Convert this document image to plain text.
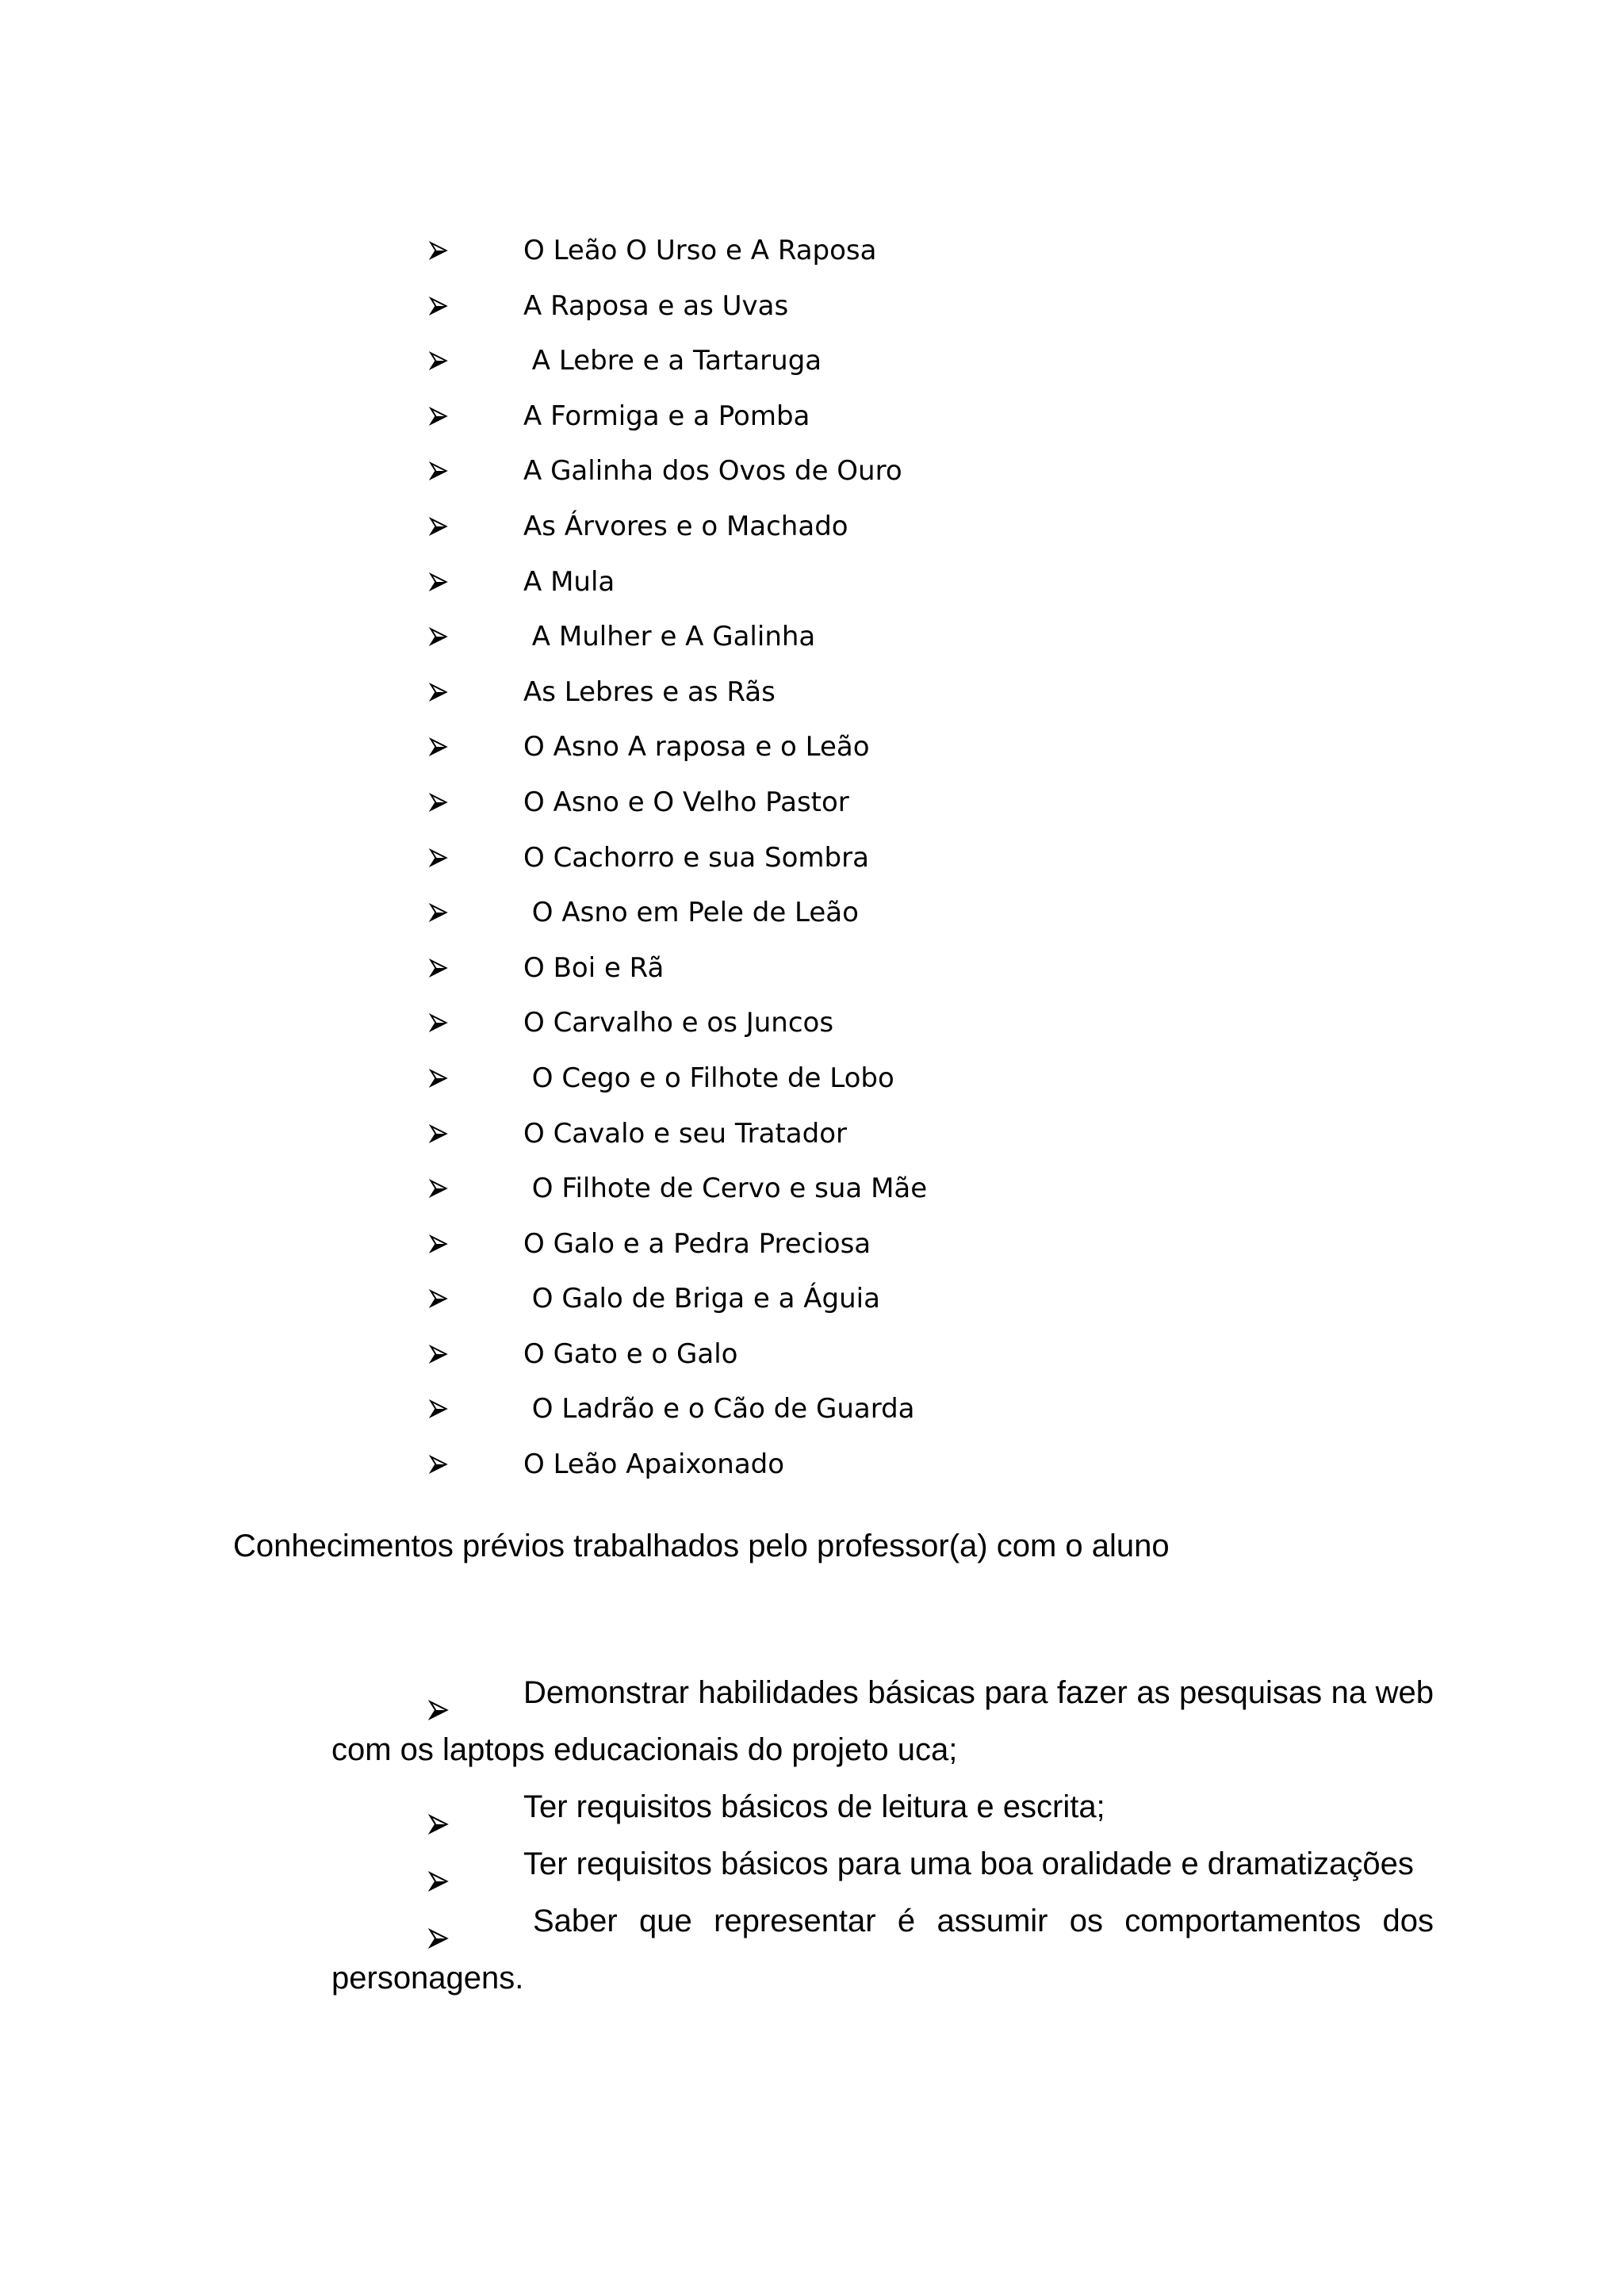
O Leão O Urso e A Raposa
A Raposa e as Uvas
A Lebre e a Tartaruga
A Formiga e a Pomba
A Galinha dos Ovos de Ouro
As Árvores e o Machado
A Mula
A Mulher e A Galinha
As Lebres e as Rãs
O Asno A raposa e o Leão
O Asno e O Velho Pastor
O Cachorro e sua Sombra
O Asno em Pele de Leão
O Boi e Rã
O Carvalho e os Juncos
O Cego e o Filhote de Lobo
O Cavalo e seu Tratador
O Filhote de Cervo e sua Mãe
O Galo e a Pedra Preciosa
O Galo de Briga e a Águia
O Gato e o Galo
O Ladrão e o Cão de Guarda
O Leão Apaixonado
Conhecimentos prévios trabalhados pelo professor(a) com o aluno

Demonstrar habilidades básicas para fazer as pesquisas na web com os laptops educacionais do projeto uca;

Ter requisitos básicos de leitura e escrita;

Ter requisitos básicos para uma boa oralidade e dramatizações

Saber que representar é assumir os comportamentos dos personagens.
